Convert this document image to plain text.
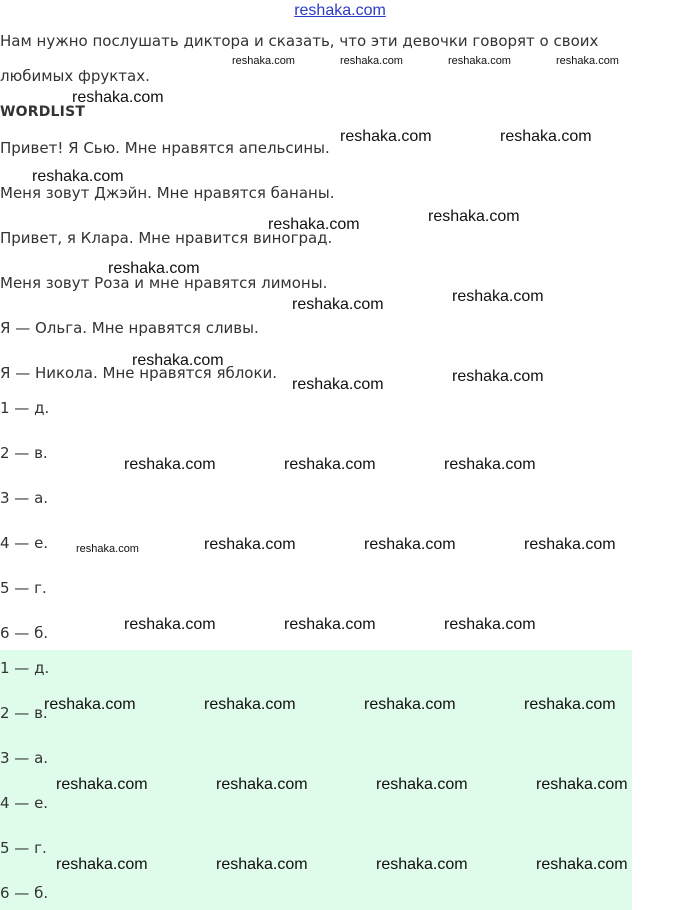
reshaka.com
Нам нужно послушать диктора и сказать, что эти девочки говорят о своих
любимых фруктах.
WORDLIST
Привет! Я Сью. Мне нравятся апельсины.
Меня зовут Джэйн. Мне нравятся бананы.
Привет, я Клара. Мне нравится виноград.
Меня зовут Роза и мне нравятся лимоны.
Я — Ольга. Мне нравятся сливы.
Я — Никола. Мне нравятся яблоки.
1 — д.
2 — в.
3 — а.
4 — е.
5 — г.
6 — б.
1 — д.
2 — в.
3 — а.
4 — е.
5 — г.
6 — б.
reshaka.com	reshaka.com	reshaka.com	reshaka.com
reshaka.com
reshaka.com	reshaka.com
reshaka.com
reshaka.com
reshaka.com
reshaka.com
reshaka.com
reshaka.com
reshaka.com
reshaka.com
reshaka.com
reshaka.com	reshaka.com	reshaka.com
reshaka.com	reshaka.com	reshaka.com	reshaka.com
reshaka.com	reshaka.com	reshaka.com
reshaka.com	reshaka.com	reshaka.com	reshaka.com
reshaka.com	reshaka.com	reshaka.com	reshaka.com
reshaka.com	reshaka.com	reshaka.com	reshaka.com
